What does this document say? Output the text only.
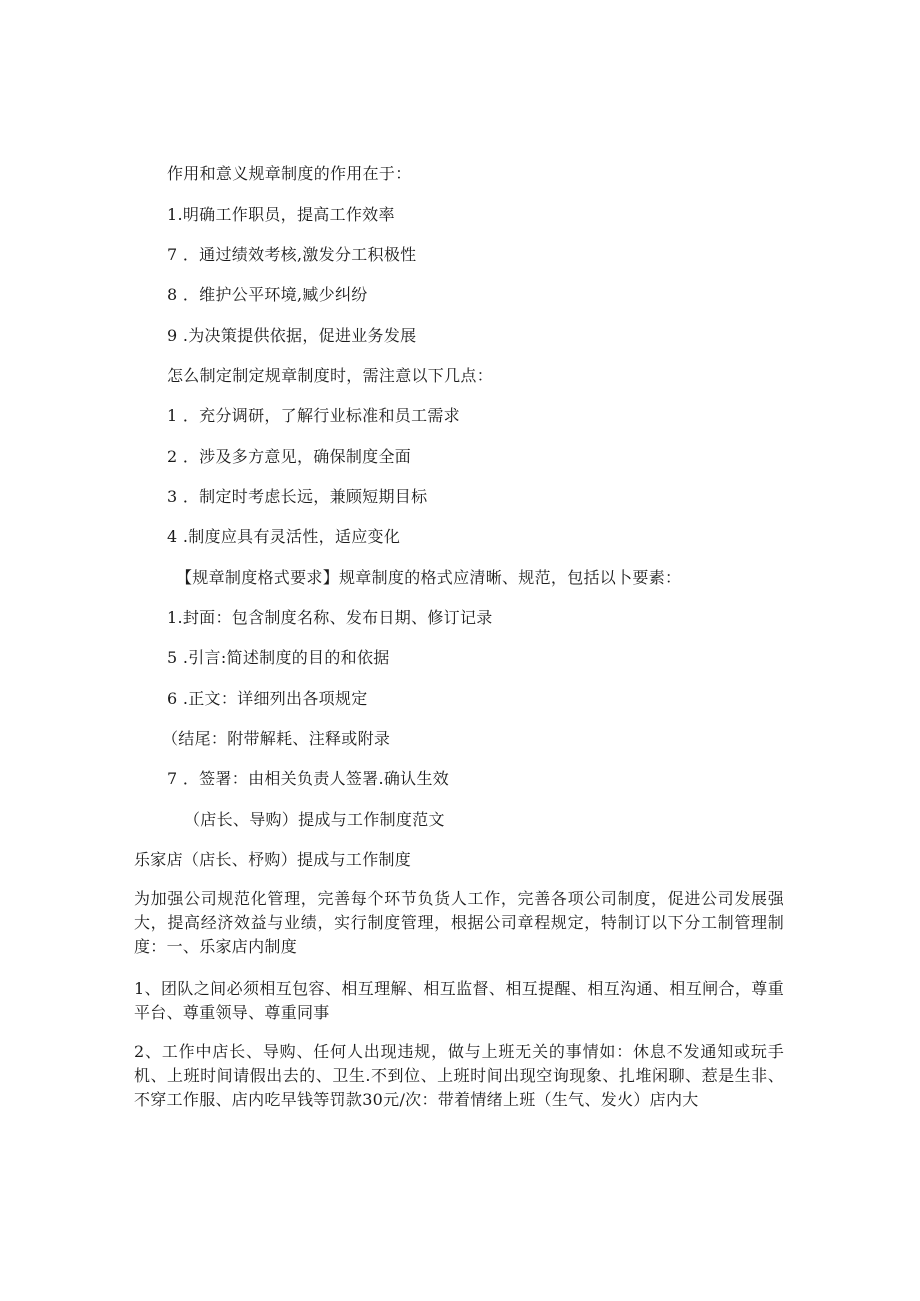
作用和意义规章制度的作用在于：
1.明确工作职员，提高工作效率
7 ．通过绩效考核,激发分工积极性
8 ．维护公平环境,臧少纠纷
9 .为决策提供依据，促进业务发展
怎么制定制定规章制度时，需注意以下几点：
1 ．充分调研，了解行业标准和员工需求
2 ．涉及多方意见，确保制度全面
3 ．制定时考虑长远，兼顾短期目标
4 .制度应具有灵活性，适应变化
【规章制度格式要求】规章制度的格式应清晰、规范，包括以卜要素：
1.封面：包含制度名称、发布日期、修订记录
5 .引言:简述制度的目的和依据
6 .正文：详细列出各项规定
（结尾：附带解耗、注释或附录
7 ．签署：由相关负责人签署.确认生效
（店长、导购）提成与工作制度范文
乐家店（店长、杼购）提成与工作制度
为加强公司规范化管理，完善每个环节负货人工作，完善各项公司制度，促进公司发展强大，提高经济效益与业绩，实行制度管理，根据公司章程规定，特制订以下分工制管理制度：一、乐家店内制度
1、团队之间必须相互包容、相互理解、相互监督、相互提醒、相互沟通、相互闸合，尊重平台、尊重领导、尊重同事
2、工作中店长、导购、任何人出现违规，做与上班无关的事情如：休息不发通知或玩手机、上班时间请假出去的、卫生.不到位、上班时间出现空询现象、扎堆闲聊、惹是生非、不穿工作服、店内吃早钱等罚款30元/次：带着情绪上班（生气、发火）店内大
